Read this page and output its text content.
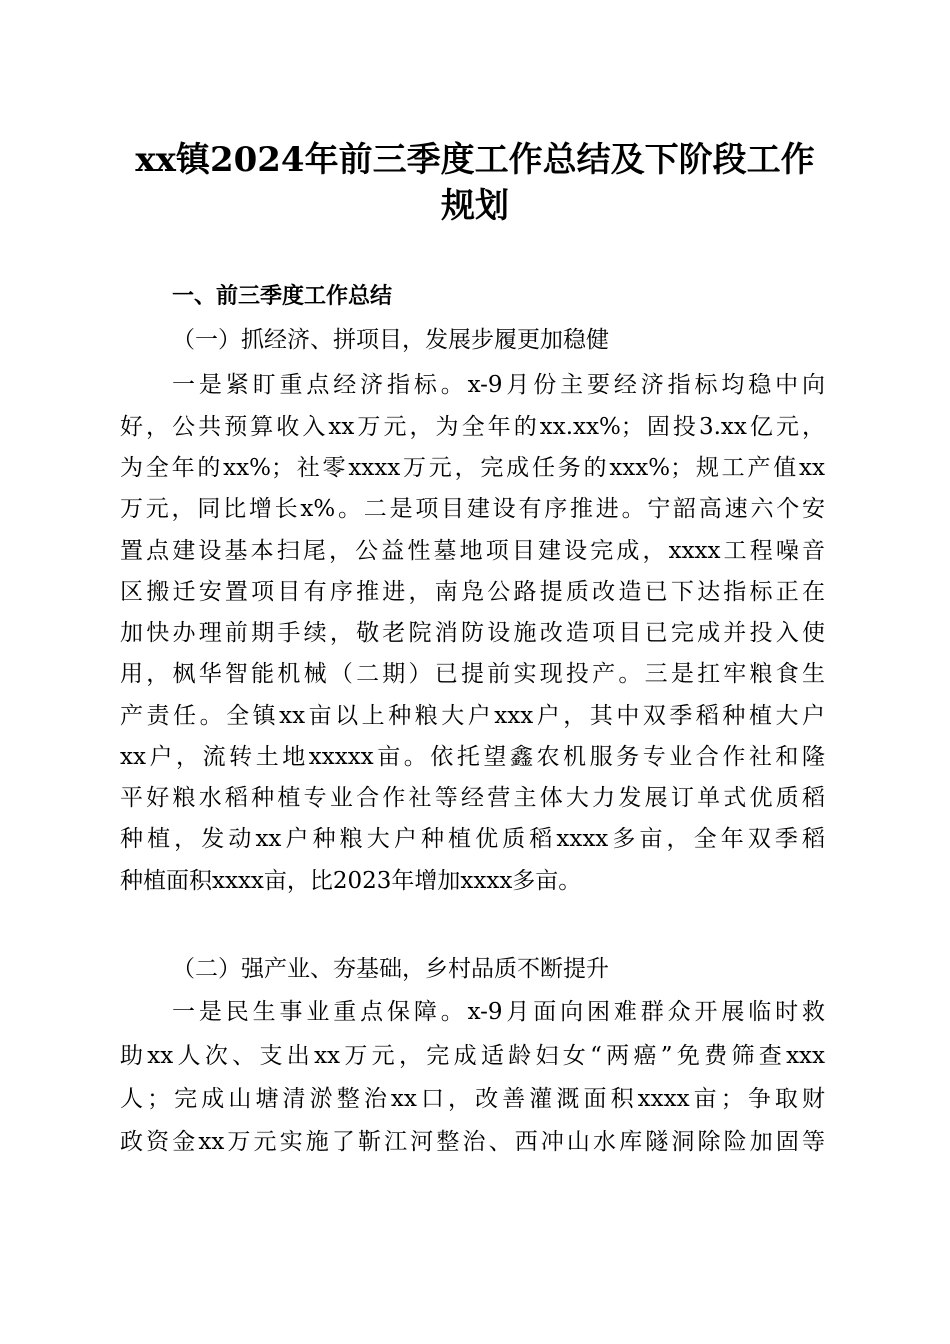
xx镇2024年前三季度工作总结及下阶段工作
规划
一、前三季度工作总结
（一）抓经济、拼项目，发展步履更加稳健
一是紧盯重点经济指标。x-9月份主要经济指标均稳中向
好，公共预算收入xx万元，为全年的xx.xx%；固投3.xx亿元，
为全年的xx%；社零xxxx万元，完成任务的xxx%；规工产值xx
万元，同比增长x%。二是项目建设有序推进。宁韶高速六个安
置点建设基本扫尾，公益性墓地项目建设完成，xxxx工程噪音
区搬迁安置项目有序推进，南凫公路提质改造已下达指标正在
加快办理前期手续，敬老院消防设施改造项目已完成并投入使
用，枫华智能机械（二期）已提前实现投产。三是扛牢粮食生
产责任。全镇xx亩以上种粮大户xxx户，其中双季稻种植大户
xx户，流转土地xxxxx亩。依托望鑫农机服务专业合作社和隆
平好粮水稻种植专业合作社等经营主体大力发展订单式优质稻
种植，发动xx户种粮大户种植优质稻xxxx多亩，全年双季稻
种植面积xxxx亩，比2023年增加xxxx多亩。
（二）强产业、夯基础，乡村品质不断提升
一是民生事业重点保障。x-9月面向困难群众开展临时救
助xx人次、支出xx万元，完成适龄妇女“两癌”免费筛查xxx
人；完成山塘清淤整治xx口，改善灌溉面积xxxx亩；争取财
政资金xx万元实施了靳江河整治、西冲山水库隧洞除险加固等
